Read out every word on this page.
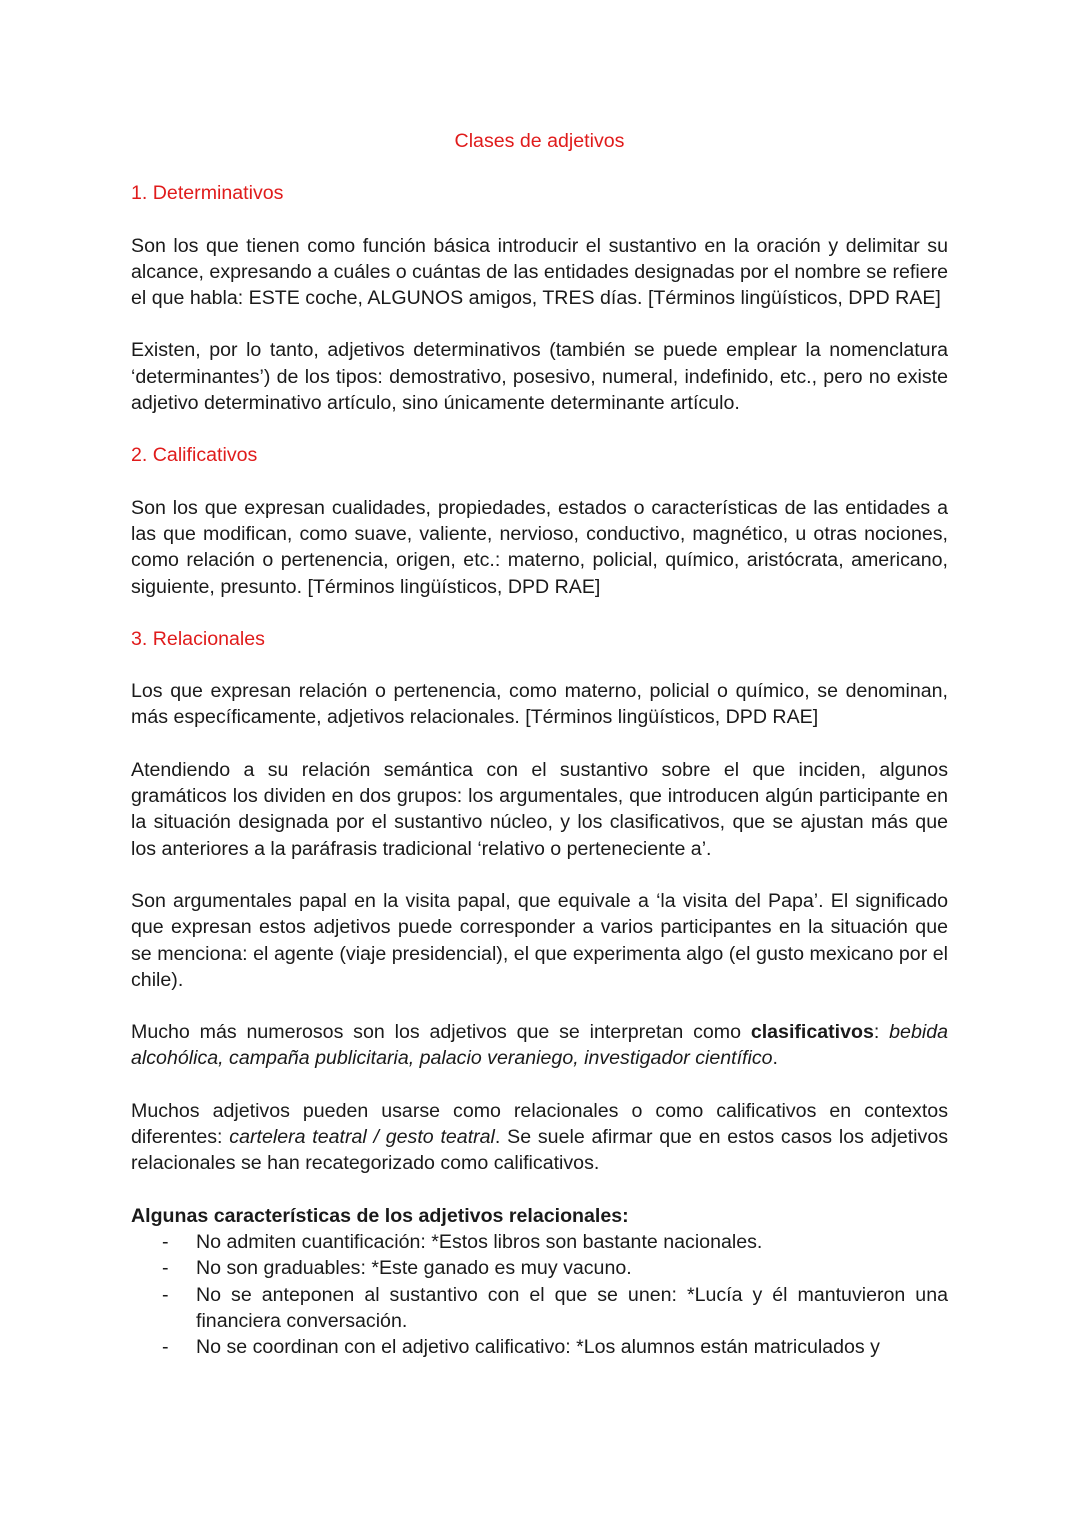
Clases de adjetivos
1. Determinativos

Son los que tienen como función básica introducir el sustantivo en la oración y delimitar su alcance, expresando a cuáles o cuántas de las entidades designadas por el nombre se refiere el que habla: ESTE coche, ALGUNOS amigos, TRES días. [Términos lingüísticos, DPD RAE]

Existen, por lo tanto, adjetivos determinativos (también se puede emplear la nomenclatura ‘determinantes’) de los tipos: demostrativo, posesivo, numeral, indefinido, etc., pero no existe adjetivo determinativo artículo, sino únicamente determinante artículo.

2. Calificativos

Son los que expresan cualidades, propiedades, estados o características de las entidades a las que modifican, como suave, valiente, nervioso, conductivo, magnético, u otras nociones, como relación o pertenencia, origen, etc.: materno, policial, químico, aristócrata, americano, siguiente, presunto. [Términos lingüísticos, DPD RAE]

3. Relacionales

Los que expresan relación o pertenencia, como materno, policial o químico, se denominan, más específicamente, adjetivos relacionales. [Términos lingüísticos, DPD RAE]

Atendiendo a su relación semántica con el sustantivo sobre el que inciden, algunos gramáticos los dividen en dos grupos: los argumentales, que introducen algún participante en la situación designada por el sustantivo núcleo, y los clasificativos, que se ajustan más que los anteriores a la paráfrasis tradicional ‘relativo o perteneciente a’.

Son argumentales papal en la visita papal, que equivale a ‘la visita del Papa’. El significado que expresan estos adjetivos puede corresponder a varios participantes en la situación que se menciona: el agente (viaje presidencial), el que experimenta algo (el gusto mexicano por el chile).

Mucho más numerosos son los adjetivos que se interpretan como clasificativos: bebida alcohólica, campaña publicitaria, palacio veraniego, investigador científico.

Muchos adjetivos pueden usarse como relacionales o como calificativos en contextos diferentes: cartelera teatral / gesto teatral. Se suele afirmar que en estos casos los adjetivos relacionales se han recategorizado como calificativos.

Algunas características de los adjetivos relacionales:
- No admiten cuantificación: *Estos libros son bastante nacionales.
- No son graduables: *Este ganado es muy vacuno.
- No se anteponen al sustantivo con el que se unen: *Lucía y él mantuvieron una financiera conversación.
- No se coordinan con el adjetivo calificativo: *Los alumnos están matriculados y
